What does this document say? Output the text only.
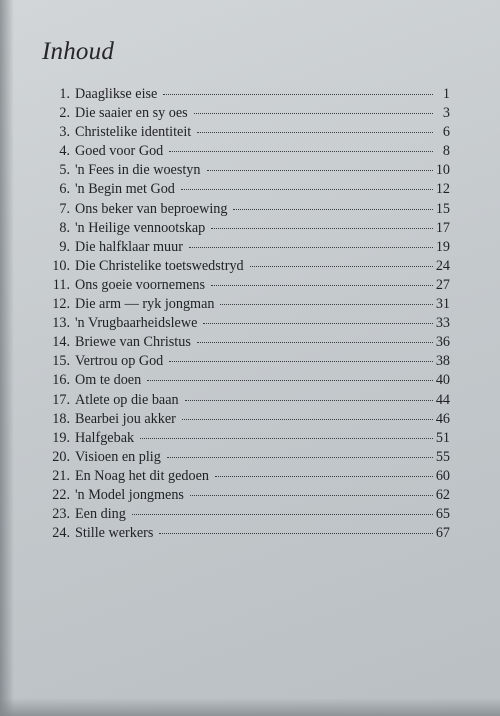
Inhoud
1. Daaglikse eise	1
2. Die saaier en sy oes	3
3. Christelike identiteit	6
4. Goed voor God	8
5. 'n Fees in die woestyn	10
6. 'n Begin met God	12
7. Ons beker van beproewing	15
8. 'n Heilige vennootskap	17
9. Die halfklaar muur	19
10. Die Christelike toetswedstryd	24
11. Ons goeie voornemens	27
12. Die arm — ryk jongman	31
13. 'n Vrugbaarheidslewe	33
14. Briewe van Christus	36
15. Vertrou op God	38
16. Om te doen	40
17. Atlete op die baan	44
18. Bearbei jou akker	46
19. Halfgebak	51
20. Visioen en plig	55
21. En Noag het dit gedoen	60
22. 'n Model jongmens	62
23. Een ding	65
24. Stille werkers	67
